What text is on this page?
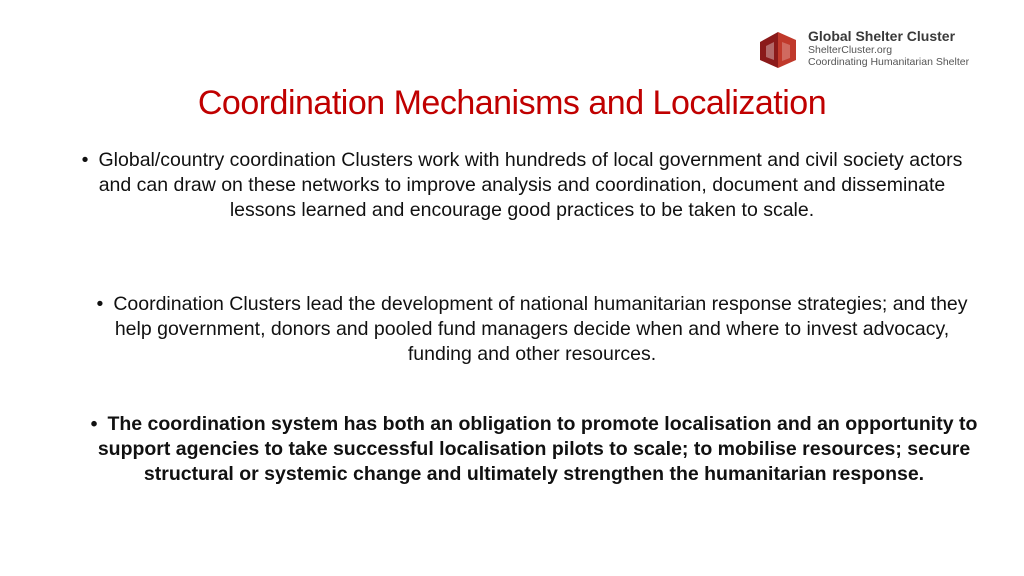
Global Shelter Cluster
ShelterCluster.org
Coordinating Humanitarian Shelter
Coordination Mechanisms and Localization
• Global/country coordination Clusters work with hundreds of local government and civil society actors and can draw on these networks to improve analysis and coordination, document and disseminate lessons learned and encourage good practices to be taken to scale.
• Coordination Clusters lead the development of national humanitarian response strategies; and they help government, donors and pooled fund managers decide when and where to invest advocacy, funding and other resources.
• The coordination system has both an obligation to promote localisation and an opportunity to support agencies to take successful localisation pilots to scale; to mobilise resources; secure structural or systemic change and ultimately strengthen the humanitarian response.
